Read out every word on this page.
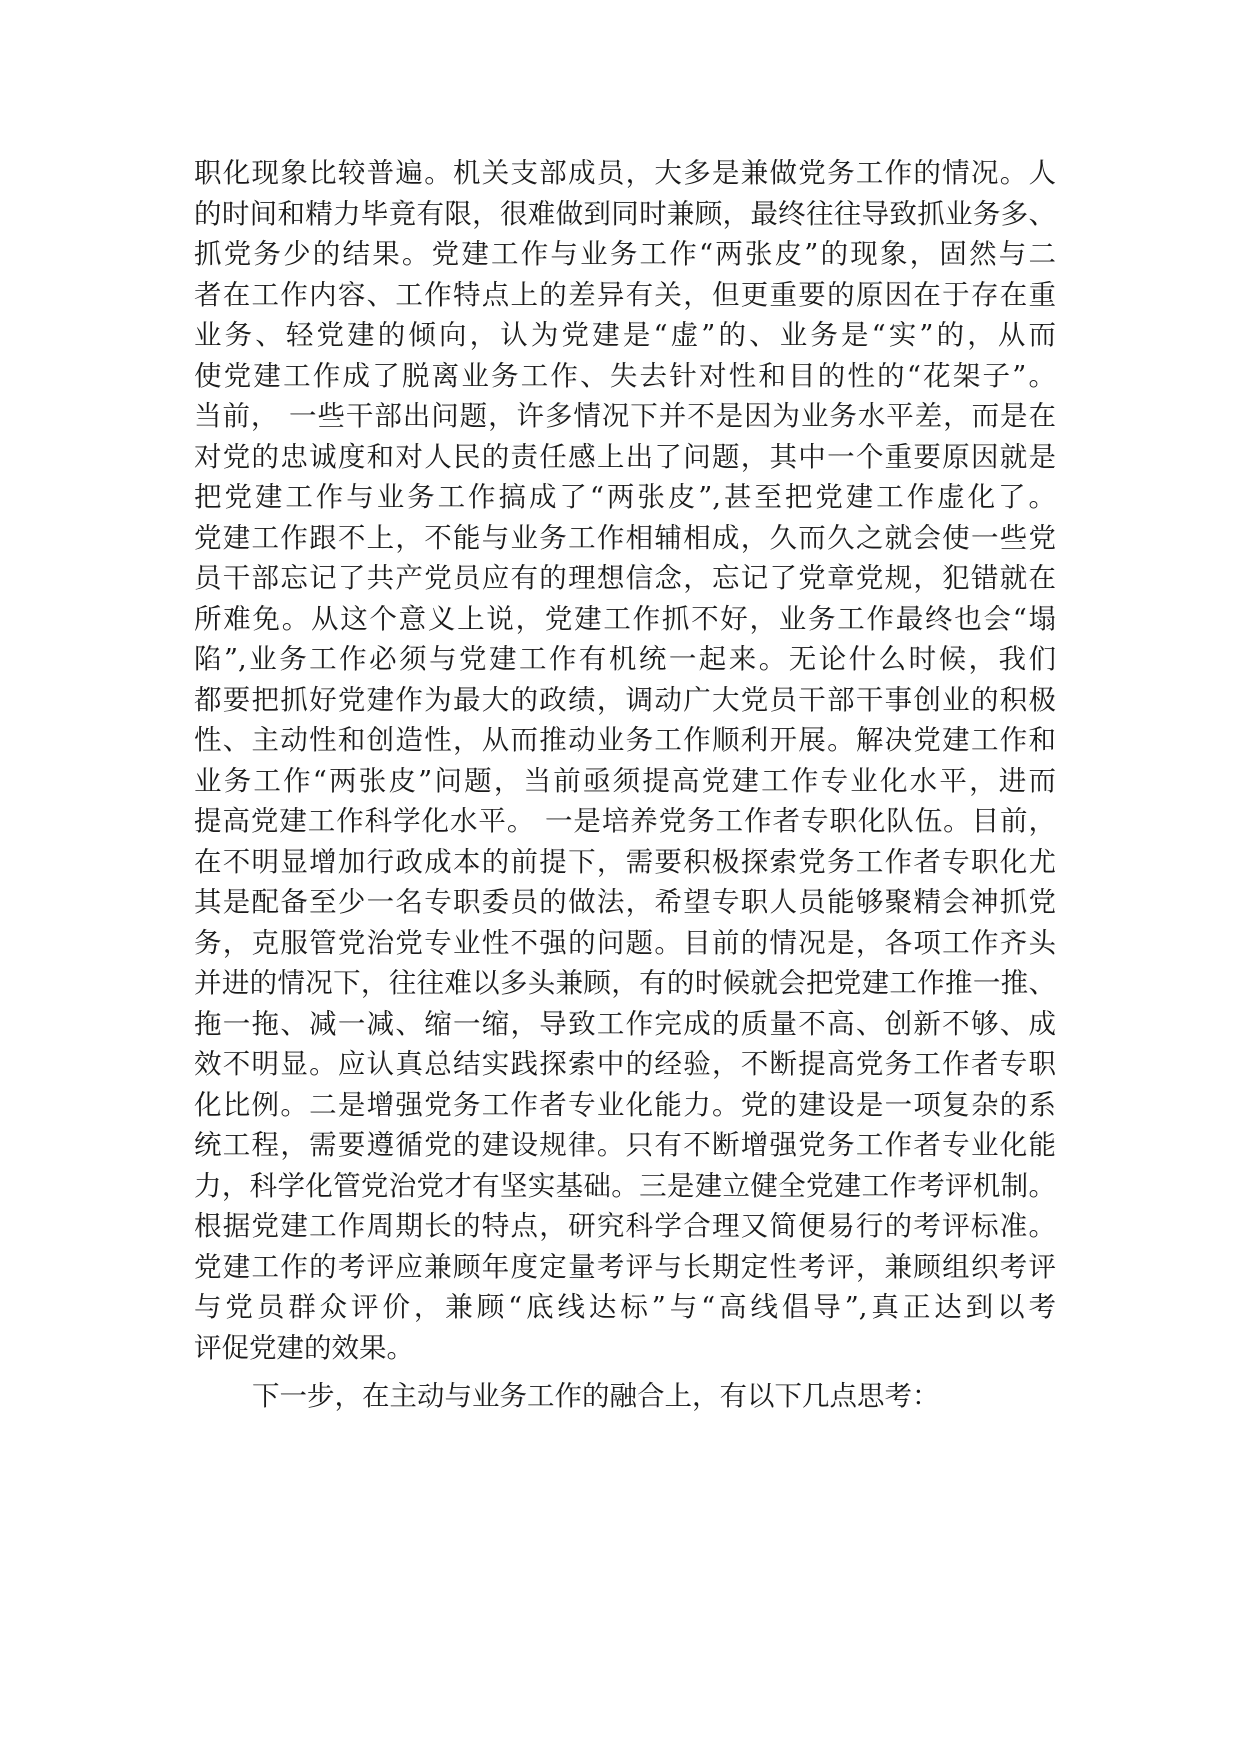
职化现象比较普遍。机关支部成员，大多是兼做党务工作的情况。人
的时间和精力毕竟有限，很难做到同时兼顾，最终往往导致抓业务多、
抓党务少的结果。党建工作与业务工作“两张皮”的现象，固然与二
者在工作内容、工作特点上的差异有关，但更重要的原因在于存在重
业务、轻党建的倾向，认为党建是“虚”的、业务是“实”的，从而
使党建工作成了脱离业务工作、失去针对性和目的性的“花架子”。
当前， 一些干部出问题，许多情况下并不是因为业务水平差，而是在
对党的忠诚度和对人民的责任感上出了问题，其中一个重要原因就是
把党建工作与业务工作搞成了“两张皮”,甚至把党建工作虚化了。
党建工作跟不上，不能与业务工作相辅相成，久而久之就会使一些党
员干部忘记了共产党员应有的理想信念，忘记了党章党规，犯错就在
所难免。从这个意义上说，党建工作抓不好，业务工作最终也会“塌
陷”,业务工作必须与党建工作有机统一起来。无论什么时候，我们
都要把抓好党建作为最大的政绩，调动广大党员干部干事创业的积极
性、主动性和创造性，从而推动业务工作顺利开展。解决党建工作和
业务工作“两张皮”问题，当前亟须提高党建工作专业化水平，进而
提高党建工作科学化水平。 一是培养党务工作者专职化队伍。目前，
在不明显增加行政成本的前提下，需要积极探索党务工作者专职化尤
其是配备至少一名专职委员的做法，希望专职人员能够聚精会神抓党
务，克服管党治党专业性不强的问题。目前的情况是，各项工作齐头
并进的情况下，往往难以多头兼顾，有的时候就会把党建工作推一推、
拖一拖、减一减、缩一缩，导致工作完成的质量不高、创新不够、成
效不明显。应认真总结实践探索中的经验，不断提高党务工作者专职
化比例。二是增强党务工作者专业化能力。党的建设是一项复杂的系
统工程，需要遵循党的建设规律。只有不断增强党务工作者专业化能
力，科学化管党治党才有坚实基础。三是建立健全党建工作考评机制。
根据党建工作周期长的特点，研究科学合理又简便易行的考评标准。
党建工作的考评应兼顾年度定量考评与长期定性考评，兼顾组织考评
与党员群众评价，兼顾“底线达标”与“高线倡导”,真正达到以考
评促党建的效果。
下一步，在主动与业务工作的融合上，有以下几点思考：
